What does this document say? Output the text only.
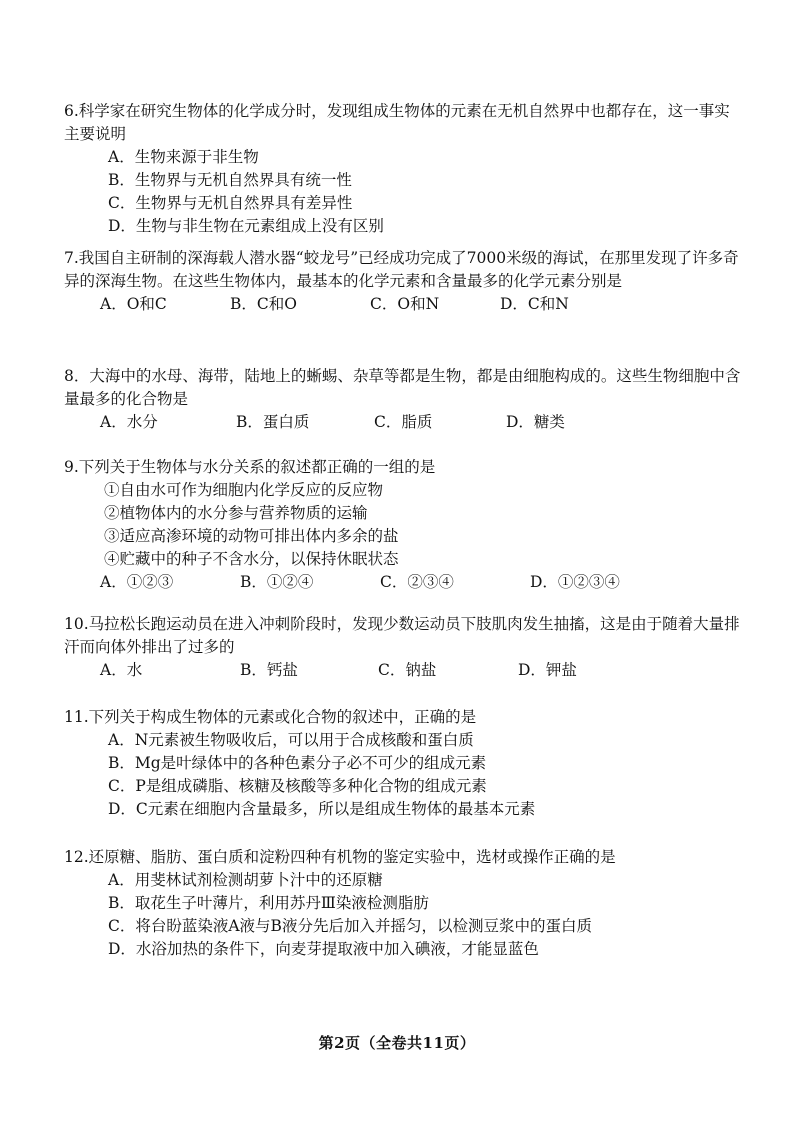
6.科学家在研究生物体的化学成分时，发现组成生物体的元素在无机自然界中也都存在，这一事实主要说明

A．生物来源于非生物
B．生物界与无机自然界具有统一性
C．生物界与无机自然界具有差异性
D．生物与非生物在元素组成上没有区别

7.我国自主研制的深海载人潜水器“蛟龙号”已经成功完成了7000米级的海试，在那里发现了许多奇异的深海生物。在这些生物体内，最基本的化学元素和含量最多的化学元素分别是

A．O和C	B．C和O	C．O和N	D．C和N

8．大海中的水母、海带，陆地上的蜥蜴、杂草等都是生物，都是由细胞构成的。这些生物细胞中含量最多的化合物是

A．水分	B．蛋白质	C．脂质	D．糖类

9.下列关于生物体与水分关系的叙述都正确的一组的是

①自由水可作为细胞内化学反应的反应物
②植物体内的水分参与营养物质的运输
③适应高渗环境的动物可排出体内多余的盐
④贮藏中的种子不含水分，以保持休眠状态
A．①②③	B．①②④	C．②③④	D．①②③④

10.马拉松长跑运动员在进入冲刺阶段时，发现少数运动员下肢肌肉发生抽搐，这是由于随着大量排汗而向体外排出了过多的

A．水	B．钙盐	C．钠盐	D．钾盐

11.下列关于构成生物体的元素或化合物的叙述中，正确的是

A．N元素被生物吸收后，可以用于合成核酸和蛋白质
B．Mg是叶绿体中的各种色素分子必不可少的组成元素
C．P是组成磷脂、核糖及核酸等多种化合物的组成元素
D．C元素在细胞内含量最多，所以是组成生物体的最基本元素

12.还原糖、脂肪、蛋白质和淀粉四种有机物的鉴定实验中，选材或操作正确的是

A．用斐林试剂检测胡萝卜汁中的还原糖
B．取花生子叶薄片，利用苏丹Ⅲ染液检测脂肪
C．将台盼蓝染液A液与B液分先后加入并摇匀，以检测豆浆中的蛋白质
D．水浴加热的条件下，向麦芽提取液中加入碘液，才能显蓝色
第2页（全卷共11页）
